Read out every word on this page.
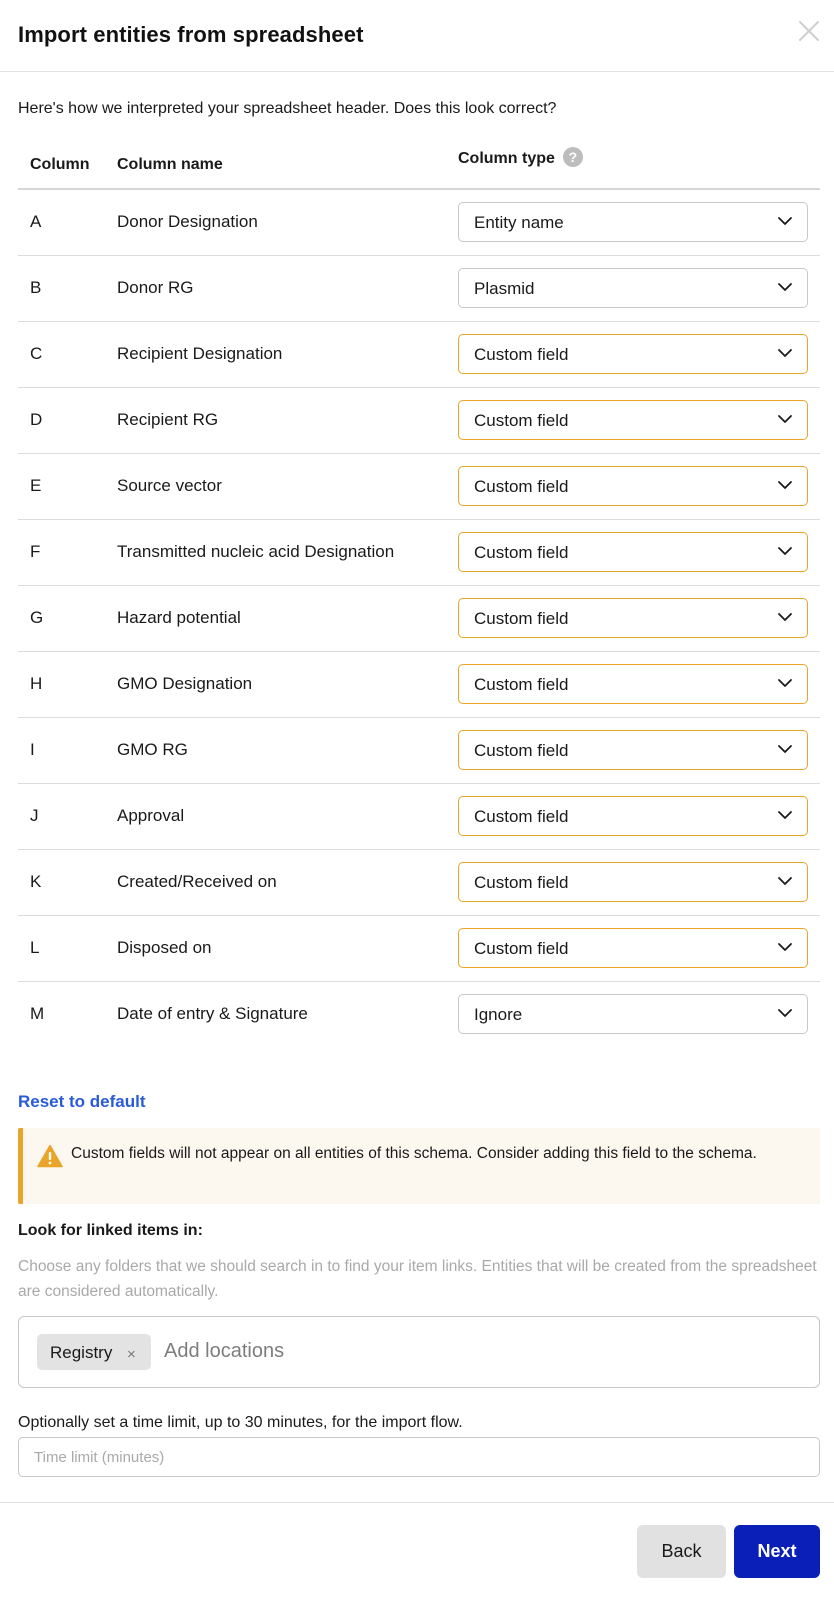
Import entities from spreadsheet
Here's how we interpreted your spreadsheet header. Does this look correct?
Column Column name	Column type ?
A	Donor Designation	Entity name
B	Donor RG	Plasmid
C	Recipient Designation	Custom field
D	Recipient RG	Custom field
E	Source vector	Custom field
F	Transmitted nucleic acid Designation	Custom field
G	Hazard potential	Custom field
H	GMO Designation	Custom field
I	GMO RG	Custom field
J	Approval	Custom field
K	Created/Received on	Custom field
L	Disposed on	Custom field
M	Date of entry & Signature	Ignore
Reset to default
Custom fields will not appear on all entities of this schema. Consider adding this field to the schema.
Look for linked items in:
Choose any folders that we should search in to find your item links. Entities that will be created from the spreadsheet are considered automatically.
Registry × Add locations
Optionally set a time limit, up to 30 minutes, for the import flow.
Time limit (minutes)
Back	Next
